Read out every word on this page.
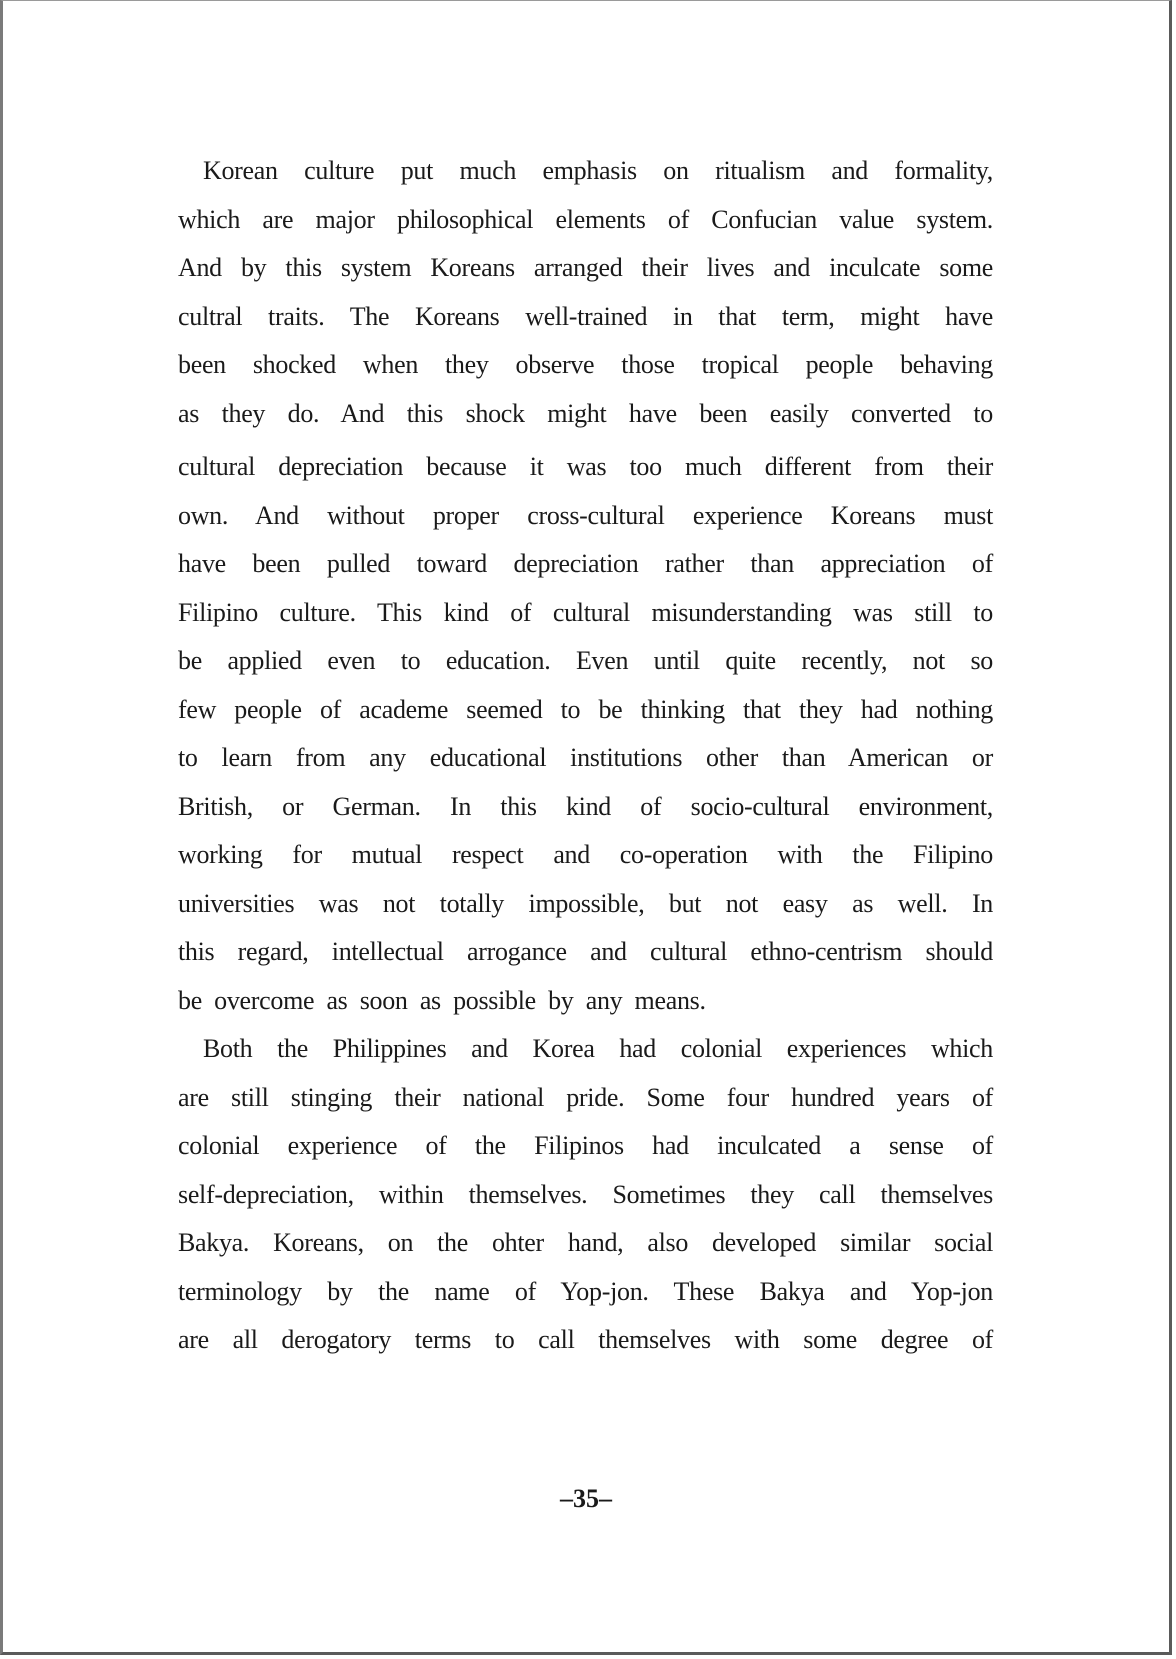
Korean culture put much emphasis on ritualism and formality,
which are major philosophical elements of Confucian value system.
And by this system Koreans arranged their lives and inculcate some
cultral traits. The Koreans well-trained in that term, might have
been shocked when they observe those tropical people behaving
as they do. And this shock might have been easily converted to
cultural depreciation because it was too much different from their
own. And without proper cross-cultural experience Koreans must
have been pulled toward depreciation rather than appreciation of
Filipino culture. This kind of cultural misunderstanding was still to
be applied even to education. Even until quite recently, not so
few people of academe seemed to be thinking that they had nothing
to learn from any educational institutions other than American or
British, or German. In this kind of socio-cultural environment,
working for mutual respect and co-operation with the Filipino
universities was not totally impossible, but not easy as well. In
this regard, intellectual arrogance and cultural ethno-centrism should
be overcome as soon as possible by any means.
Both the Philippines and Korea had colonial experiences which
are still stinging their national pride. Some four hundred years of
colonial experience of the Filipinos had inculcated a sense of
self-depreciation, within themselves. Sometimes they call themselves
Bakya. Koreans, on the ohter hand, also developed similar social
terminology by the name of Yop-jon. These Bakya and Yop-jon
are all derogatory terms to call themselves with some degree of
–35–
